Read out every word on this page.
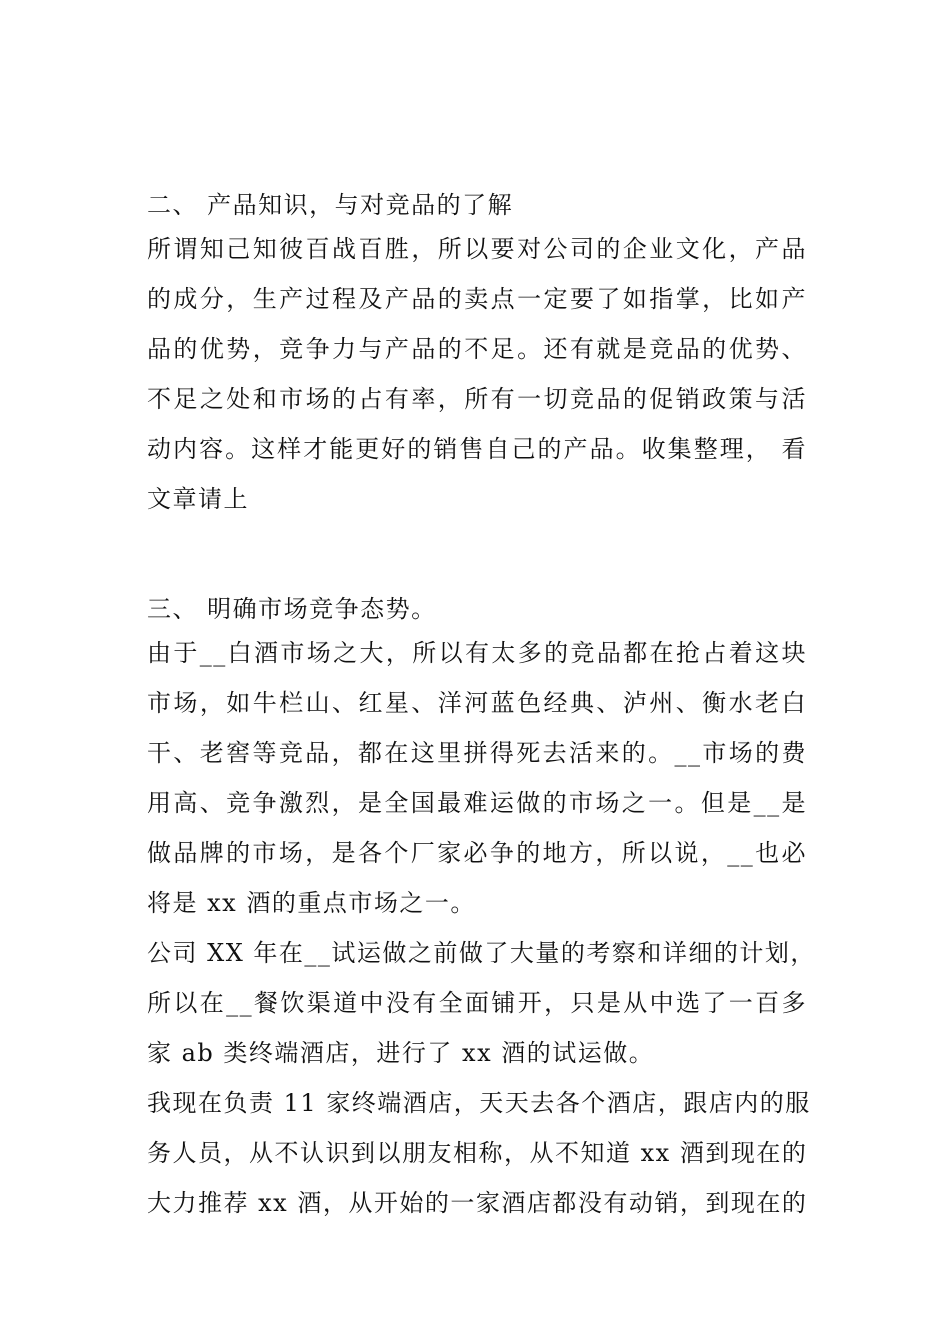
二、 产品知识，与对竞品的了解
所谓知己知彼百战百胜，所以要对公司的企业文化，产品
的成分，生产过程及产品的卖点一定要了如指掌，比如产
品的优势，竞争力与产品的不足。还有就是竞品的优势、
不足之处和市场的占有率，所有一切竞品的促销政策与活
动内容。这样才能更好的销售自己的产品。收集整理， 看
文章请上
三、 明确市场竞争态势。
由于__白酒市场之大，所以有太多的竞品都在抢占着这块
市场，如牛栏山、红星、洋河蓝色经典、泸州、衡水老白
干、老窖等竞品，都在这里拼得死去活来的。__市场的费
用高、竞争激烈，是全国最难运做的市场之一。但是__是
做品牌的市场，是各个厂家必争的地方，所以说，__也必
将是 xx 酒的重点市场之一。
公司 XX 年在__试运做之前做了大量的考察和详细的计划，
所以在__餐饮渠道中没有全面铺开，只是从中选了一百多
家 ab 类终端酒店，进行了 xx 酒的试运做。
我现在负责 11 家终端酒店，天天去各个酒店，跟店内的服
务人员，从不认识到以朋友相称，从不知道 xx 酒到现在的
大力推荐 xx 酒，从开始的一家酒店都没有动销，到现在的
